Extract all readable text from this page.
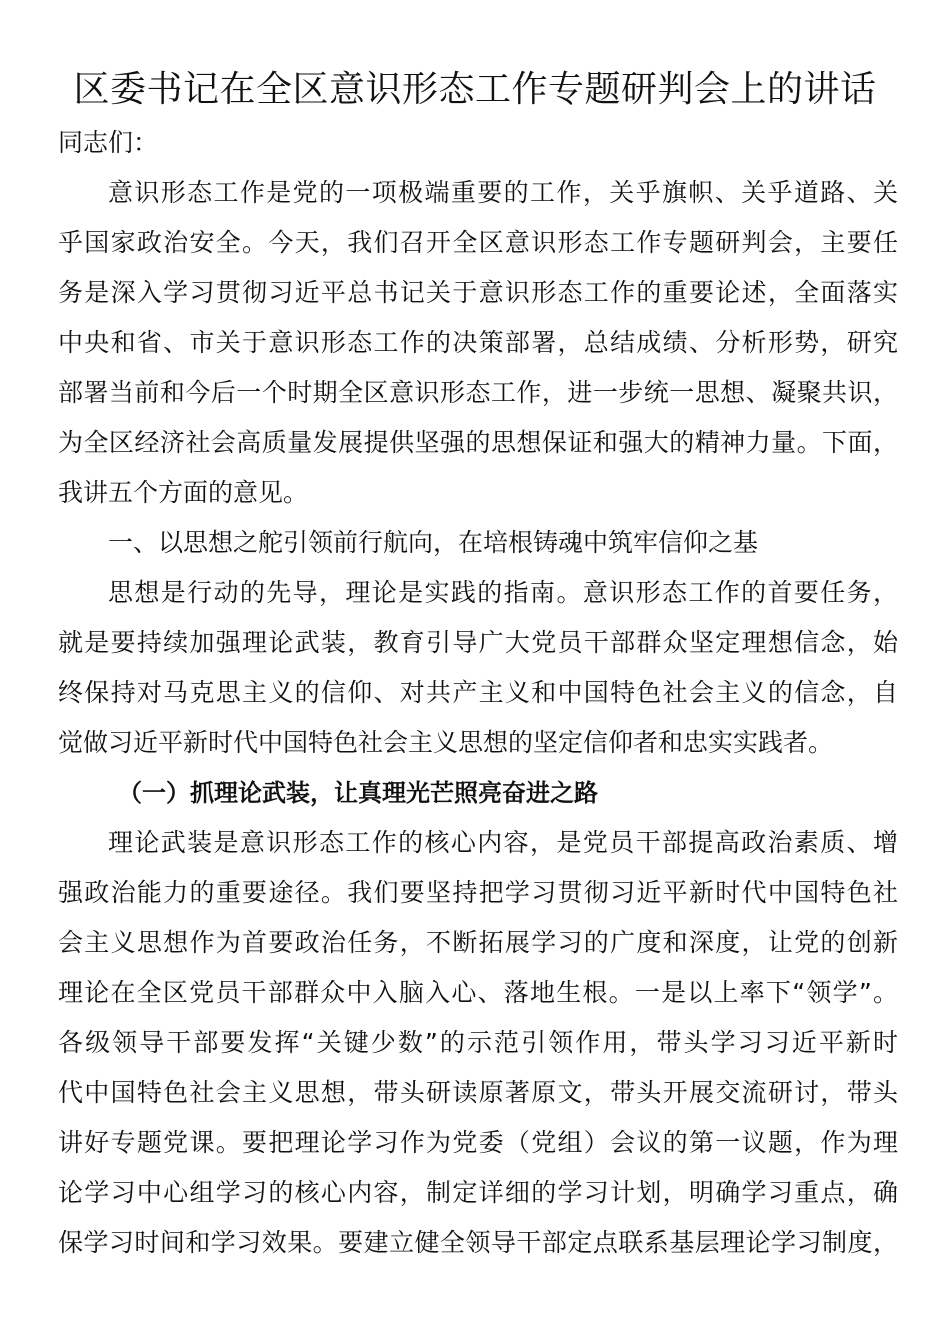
区委书记在全区意识形态工作专题研判会上的讲话
同志们：
意识形态工作是党的一项极端重要的工作，关乎旗帜、关乎道路、关
乎国家政治安全。今天，我们召开全区意识形态工作专题研判会，主要任
务是深入学习贯彻习近平总书记关于意识形态工作的重要论述，全面落实
中央和省、市关于意识形态工作的决策部署，总结成绩、分析形势，研究
部署当前和今后一个时期全区意识形态工作，进一步统一思想、凝聚共识，
为全区经济社会高质量发展提供坚强的思想保证和强大的精神力量。下面，
我讲五个方面的意见。
一、以思想之舵引领前行航向，在培根铸魂中筑牢信仰之基
思想是行动的先导，理论是实践的指南。意识形态工作的首要任务，
就是要持续加强理论武装，教育引导广大党员干部群众坚定理想信念，始
终保持对马克思主义的信仰、对共产主义和中国特色社会主义的信念，自
觉做习近平新时代中国特色社会主义思想的坚定信仰者和忠实实践者。
（一）抓理论武装，让真理光芒照亮奋进之路
理论武装是意识形态工作的核心内容，是党员干部提高政治素质、增
强政治能力的重要途径。我们要坚持把学习贯彻习近平新时代中国特色社
会主义思想作为首要政治任务，不断拓展学习的广度和深度，让党的创新
理论在全区党员干部群众中入脑入心、落地生根。一是以上率下“领学”。
各级领导干部要发挥“关键少数”的示范引领作用，带头学习习近平新时
代中国特色社会主义思想，带头研读原著原文，带头开展交流研讨，带头
讲好专题党课。要把理论学习作为党委（党组）会议的第一议题，作为理
论学习中心组学习的核心内容，制定详细的学习计划，明确学习重点，确
保学习时间和学习效果。要建立健全领导干部定点联系基层理论学习制度，
